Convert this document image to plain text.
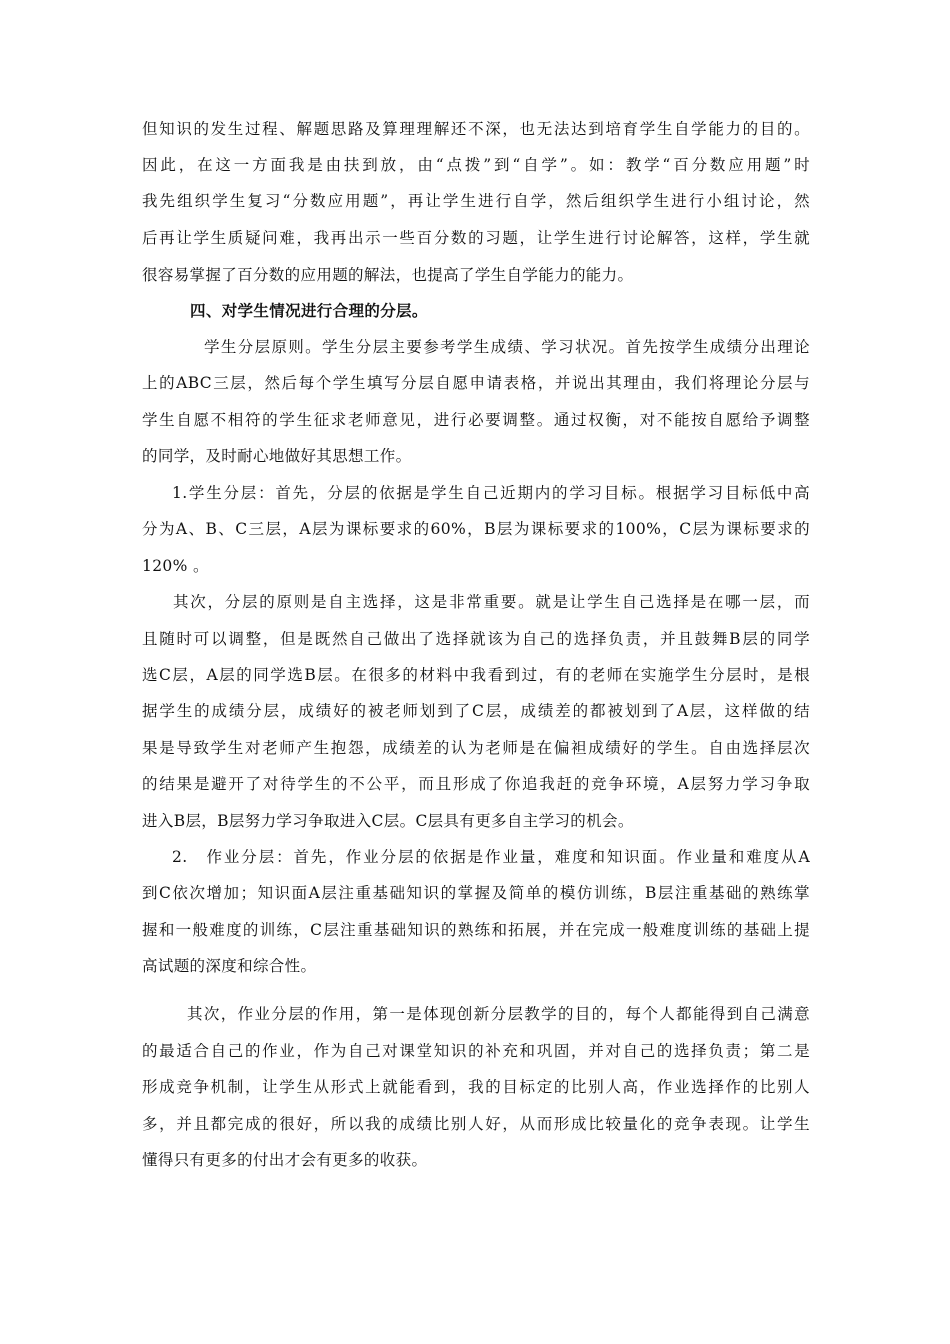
但知识的发生过程、解题思路及算理理解还不深，也无法达到培育学生自学能力的目的。
因此，在这一方面我是由扶到放，由“点拨”到“自学”。如：教学“百分数应用题”时
我先组织学生复习“分数应用题”，再让学生进行自学，然后组织学生进行小组讨论，然
后再让学生质疑问难，我再出示一些百分数的习题，让学生进行讨论解答，这样，学生就
很容易掌握了百分数的应用题的解法，也提高了学生自学能力的能力。
四、对学生情况进行合理的分层。
学生分层原则。学生分层主要参考学生成绩、学习状况。首先按学生成绩分出理论
上的ABC三层，然后每个学生填写分层自愿申请表格，并说出其理由，我们将理论分层与
学生自愿不相符的学生征求老师意见，进行必要调整。通过权衡，对不能按自愿给予调整
的同学，及时耐心地做好其思想工作。
1.学生分层：首先，分层的依据是学生自己近期内的学习目标。根据学习目标低中高
分为A、B、C三层，A层为课标要求的60%，B层为课标要求的100%，C层为课标要求的
120% 。
其次，分层的原则是自主选择，这是非常重要。就是让学生自己选择是在哪一层，而
且随时可以调整，但是既然自己做出了选择就该为自己的选择负责，并且鼓舞B层的同学
选C层，A层的同学选B层。在很多的材料中我看到过，有的老师在实施学生分层时，是根
据学生的成绩分层，成绩好的被老师划到了C层，成绩差的都被划到了A层，这样做的结
果是导致学生对老师产生抱怨，成绩差的认为老师是在偏袒成绩好的学生。自由选择层次
的结果是避开了对待学生的不公平，而且形成了你追我赶的竞争环境，A层努力学习争取
进入B层，B层努力学习争取进入C层。C层具有更多自主学习的机会。
2.　作业分层：首先，作业分层的依据是作业量，难度和知识面。作业量和难度从A
到C依次增加；知识面A层注重基础知识的掌握及简单的模仿训练，B层注重基础的熟练掌
握和一般难度的训练，C层注重基础知识的熟练和拓展，并在完成一般难度训练的基础上提
高试题的深度和综合性。
其次，作业分层的作用，第一是体现创新分层教学的目的，每个人都能得到自己满意
的最适合自己的作业，作为自己对课堂知识的补充和巩固，并对自己的选择负责；第二是
形成竞争机制，让学生从形式上就能看到，我的目标定的比别人高，作业选择作的比别人
多，并且都完成的很好，所以我的成绩比别人好，从而形成比较量化的竞争表现。让学生
懂得只有更多的付出才会有更多的收获。
